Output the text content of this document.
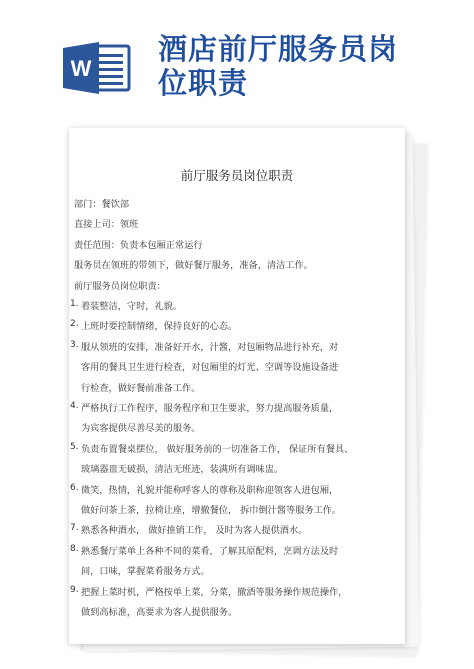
W
酒店前厅服务员岗
位职责
前厅服务员岗位职责
部门：餐饮部
直接上司：领班
责任范围：负责本包厢正常运行
服务员在领班的带领下，做好餐厅服务，准备，清洁工作。
前厅服务员岗位职责：
1. 着装整洁，守时，礼貌。
2. 上班时要控制情绪，保持良好的心态。
3. 服从领班的安排，准备好开水，汁酱，对包厢物品进行补充，对
客用的餐具卫生进行检查，对包厢里的灯光、空调等设施设备进
行检查，做好餐前准备工作。
4. 严格执行工作程序，服务程序和卫生要求，努力提高服务质量，
为宾客提供尽善尽美的服务。
5. 负责布置餐桌摆位， 做好服务前的一切准备工作， 保证所有餐具、
玻璃器皿无破损，清洁无班迹，装满所有调味盅。
6. 微笑，热情，礼貌并能称呼客人的尊称及职称迎领客人进包厢，
做好问茶上茶，拉椅让座，增撤餐位， 拆巾倒汁酱等服务工作。
7. 熟悉各种酒水， 做好推销工作， 及时为客人提供酒水。
8. 熟悉餐厅菜单上各种不同的菜肴，了解其原配料，烹调方法及时
间，口味，掌握菜肴服务方式。
9. 把握上菜时机，严格按单上菜，分菜，撤酒等服务操作规范操作，
做到高标准，高要求为客人提供服务。
